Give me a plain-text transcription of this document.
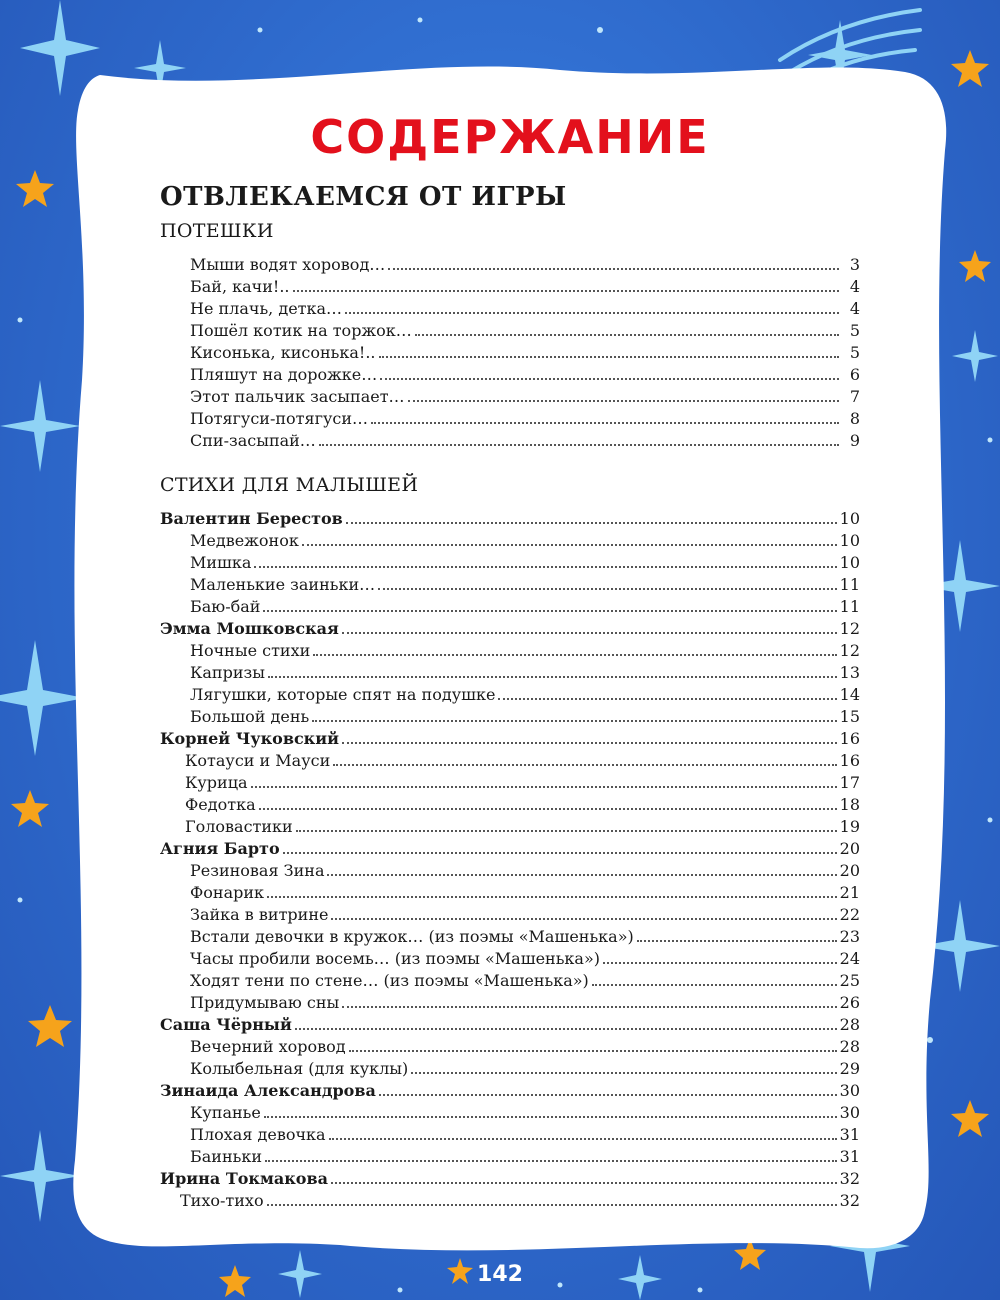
СОДЕРЖАНИЕ
ОТВЛЕКАЕМСЯ ОТ ИГРЫ
ПОТЕШКИ
Мыши водят хоровод…	3
Бай, качи!..	4
Не плачь, детка…	4
Пошёл котик на торжок…	5
Кисонька, кисонька!..	5
Пляшут на дорожке…	6
Этот пальчик засыпает…	7
Потягуси-потягуси…	8
Спи-засыпай…	9
СТИХИ ДЛЯ МАЛЫШЕЙ
Валентин Берестов	10
Медвежонок	10
Мишка	10
Маленькие заиньки…	11
Баю-бай	11
Эмма Мошковская	12
Ночные стихи	12
Капризы	13
Лягушки, которые спят на подушке	14
Большой день	15
Корней Чуковский	16
Котауси и Мауси	16
Курица	17
Федотка	18
Головастики	19
Агния Барто	20
Резиновая Зина	20
Фонарик	21
Зайка в витрине	22
Встали девочки в кружок… (из поэмы «Машенька»)	23
Часы пробили восемь… (из поэмы «Машенька»)	24
Ходят тени по стене… (из поэмы «Машенька»)	25
Придумываю сны	26
Саша Чёрный	28
Вечерний хоровод	28
Колыбельная (для куклы)	29
Зинаида Александрова	30
Купанье	30
Плохая девочка	31
Баиньки	31
Ирина Токмакова	32
Тихо-тихо	32
142
